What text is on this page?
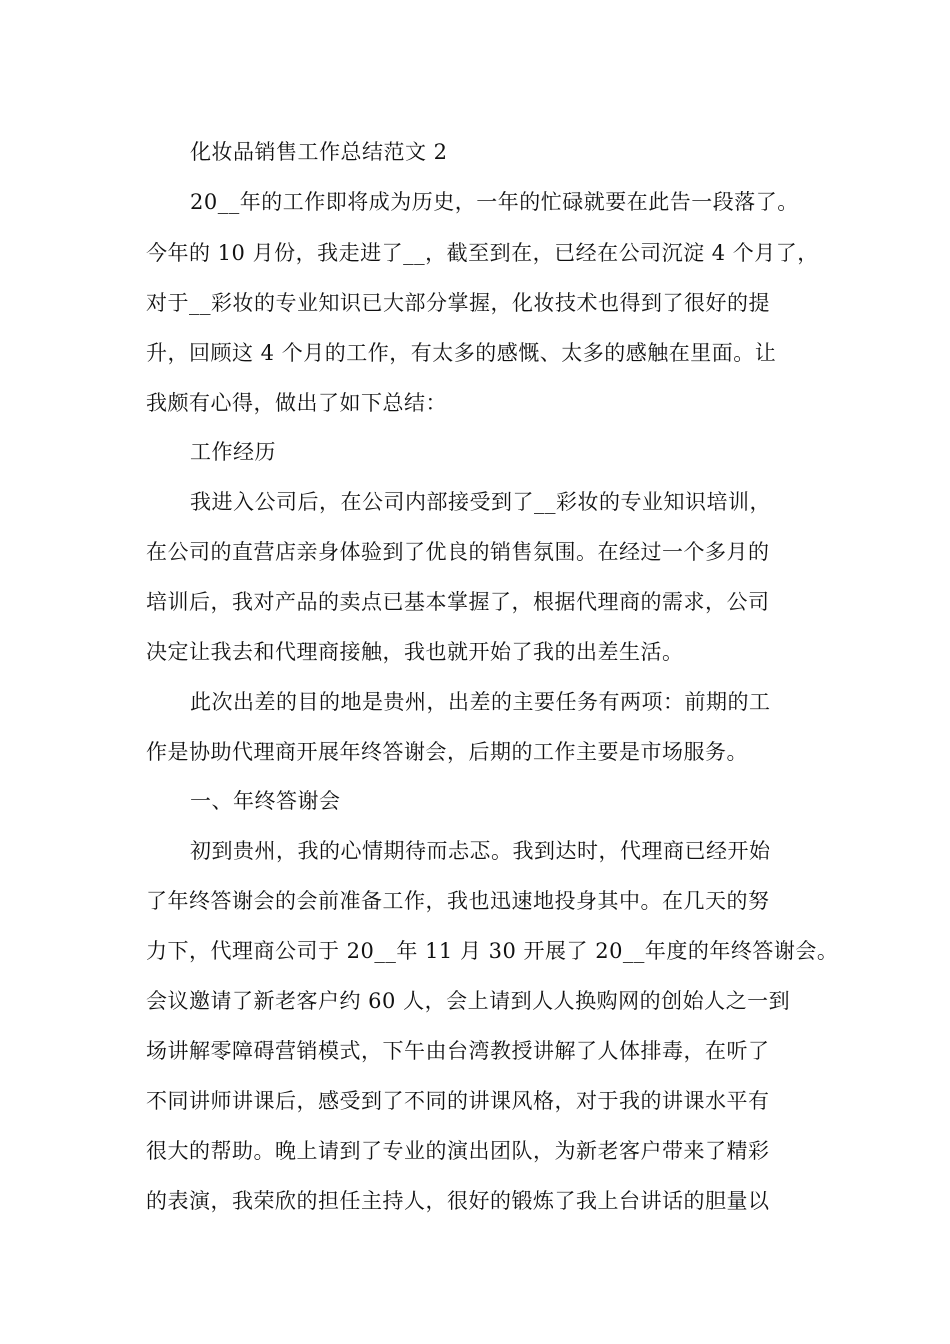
化妆品销售工作总结范文 2
20__年的工作即将成为历史，一年的忙碌就要在此告一段落了。
今年的 10 月份，我走进了__，截至到在，已经在公司沉淀 4 个月了，
对于__彩妆的专业知识已大部分掌握，化妆技术也得到了很好的提
升，回顾这 4 个月的工作，有太多的感慨、太多的感触在里面。让
我颇有心得，做出了如下总结：
工作经历
我进入公司后，在公司内部接受到了__彩妆的专业知识培训，
在公司的直营店亲身体验到了优良的销售氛围。在经过一个多月的
培训后，我对产品的卖点已基本掌握了，根据代理商的需求，公司
决定让我去和代理商接触，我也就开始了我的出差生活。
此次出差的目的地是贵州，出差的主要任务有两项：前期的工
作是协助代理商开展年终答谢会，后期的工作主要是市场服务。
一、年终答谢会
初到贵州，我的心情期待而忐忑。我到达时，代理商已经开始
了年终答谢会的会前准备工作，我也迅速地投身其中。在几天的努
力下，代理商公司于 20__年 11 月 30 开展了 20__年度的年终答谢会。
会议邀请了新老客户约 60 人，会上请到人人换购网的创始人之一到
场讲解零障碍营销模式，下午由台湾教授讲解了人体排毒，在听了
不同讲师讲课后，感受到了不同的讲课风格，对于我的讲课水平有
很大的帮助。晚上请到了专业的演出团队，为新老客户带来了精彩
的表演，我荣欣的担任主持人，很好的锻炼了我上台讲话的胆量以
